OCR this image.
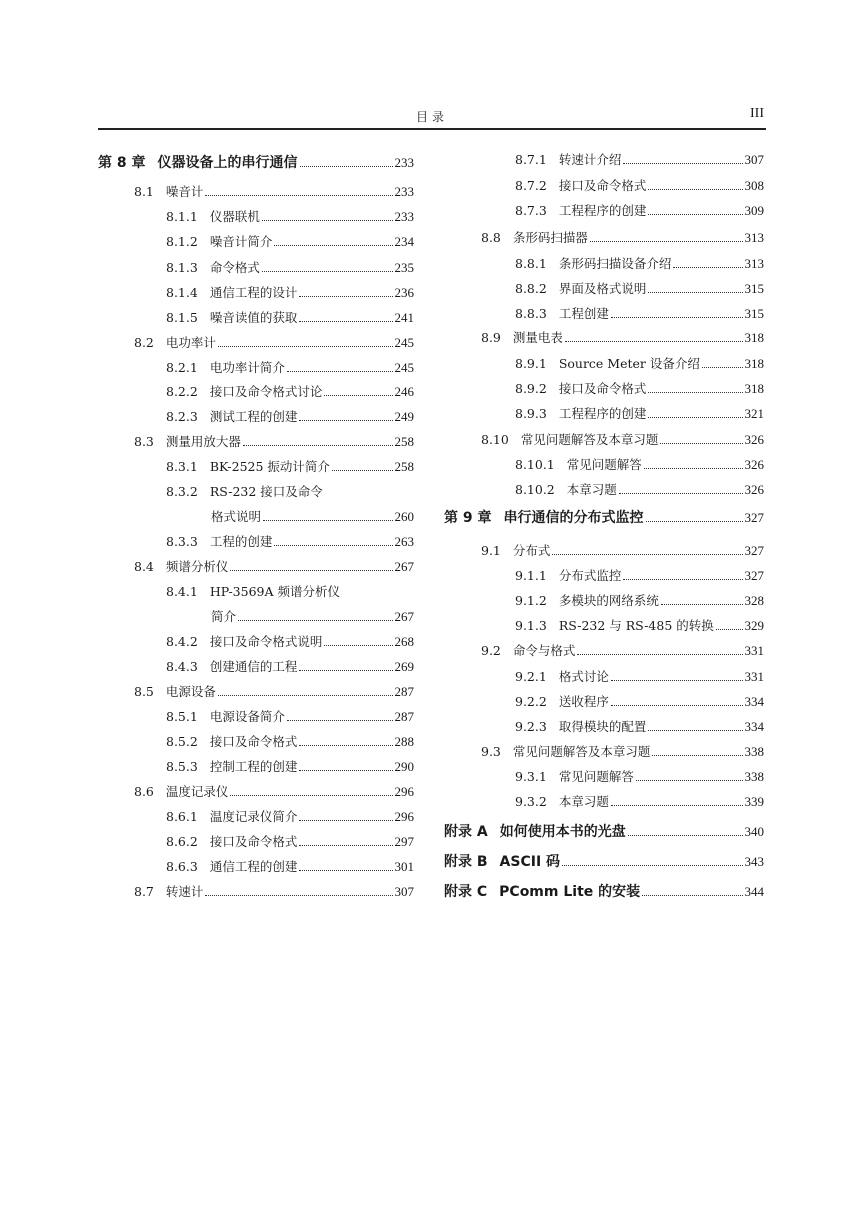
目录	III
第 8 章 仪器设备上的串行通信	233
8.1 噪音计	233
8.1.1 仪器联机	233
8.1.2 噪音计简介	234
8.1.3 命令格式	235
8.1.4 通信工程的设计	236
8.1.5 噪音读值的获取	241
8.2 电功率计	245
8.2.1 电功率计简介	245
8.2.2 接口及命令格式讨论	246
8.2.3 测试工程的创建	249
8.3 测量用放大器	258
8.3.1 BK-2525 振动计简介	258
8.3.2 RS-232 接口及命令
格式说明	260
8.3.3 工程的创建	263
8.4 频谱分析仪	267
8.4.1 HP-3569A 频谱分析仪
简介	267
8.4.2 接口及命令格式说明	268
8.4.3 创建通信的工程	269
8.5 电源设备	287
8.5.1 电源设备简介	287
8.5.2 接口及命令格式	288
8.5.3 控制工程的创建	290
8.6 温度记录仪	296
8.6.1 温度记录仪简介	296
8.6.2 接口及命令格式	297
8.6.3 通信工程的创建	301
8.7 转速计	307
8.7.1 转速计介绍	307
8.7.2 接口及命令格式	308
8.7.3 工程程序的创建	309
8.8 条形码扫描器	313
8.8.1 条形码扫描设备介绍	313
8.8.2 界面及格式说明	315
8.8.3 工程创建	315
8.9 测量电表	318
8.9.1 Source Meter 设备介绍	318
8.9.2 接口及命令格式	318
8.9.3 工程程序的创建	321
8.10 常见问题解答及本章习题	326
8.10.1 常见问题解答	326
8.10.2 本章习题	326
第 9 章 串行通信的分布式监控	327
9.1 分布式	327
9.1.1 分布式监控	327
9.1.2 多模块的网络系统	328
9.1.3 RS-232 与 RS-485 的转换 329
9.2 命令与格式	331
9.2.1 格式讨论	331
9.2.2 送收程序	334
9.2.3 取得模块的配置	334
9.3 常见问题解答及本章习题	338
9.3.1 常见问题解答	338
9.3.2 本章习题	339
附录 A 如何使用本书的光盘	340
附录 B ASCII 码	343
附录 C PComm Lite 的安装	344
